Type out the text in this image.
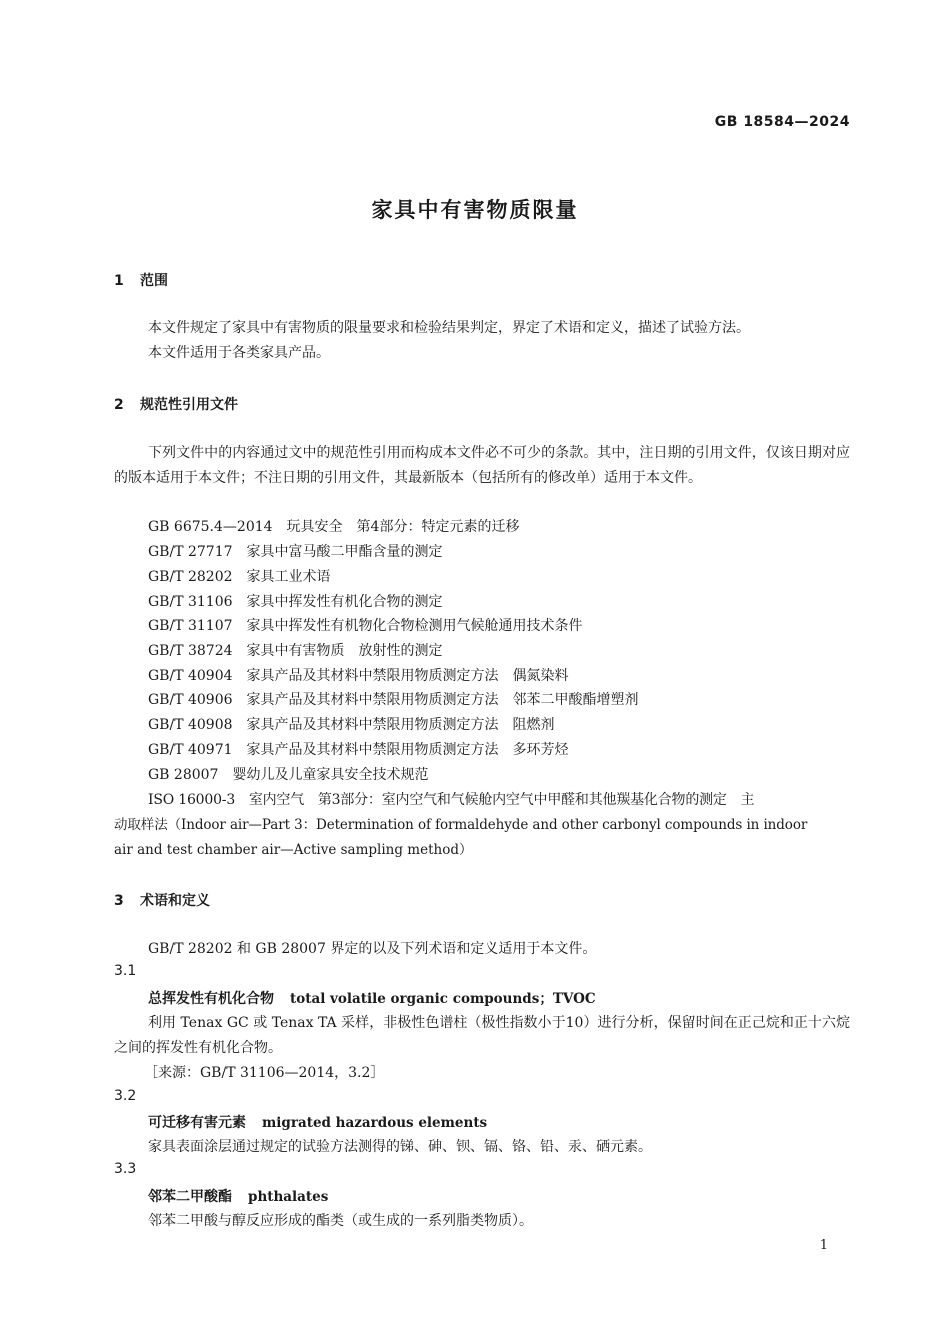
GB 18584—2024
家具中有害物质限量
1 范围
本文件规定了家具中有害物质的限量要求和检验结果判定，界定了术语和定义，描述了试验方法。
本文件适用于各类家具产品。
2 规范性引用文件
下列文件中的内容通过文中的规范性引用而构成本文件必不可少的条款。其中，注日期的引用文件，仅该日期对应的版本适用于本文件；不注日期的引用文件，其最新版本（包括所有的修改单）适用于本文件。
GB 6675.4—2014 玩具安全　第4部分：特定元素的迁移
GB/T 27717 家具中富马酸二甲酯含量的测定
GB/T 28202 家具工业术语
GB/T 31106 家具中挥发性有机化合物的测定
GB/T 31107 家具中挥发性有机物化合物检测用气候舱通用技术条件
GB/T 38724 家具中有害物质　放射性的测定
GB/T 40904 家具产品及其材料中禁限用物质测定方法　偶氮染料
GB/T 40906 家具产品及其材料中禁限用物质测定方法　邻苯二甲酸酯增塑剂
GB/T 40908 家具产品及其材料中禁限用物质测定方法　阻燃剂
GB/T 40971 家具产品及其材料中禁限用物质测定方法　多环芳烃
GB 28007 婴幼儿及儿童家具安全技术规范
ISO 16000-3　室内空气　第3部分：室内空气和气候舱内空气中甲醛和其他羰基化合物的测定　主
动取样法（Indoor air—Part 3：Determination of formaldehyde and other carbonyl compounds in indoor
air and test chamber air—Active sampling method）
3 术语和定义
GB/T 28202 和 GB 28007 界定的以及下列术语和定义适用于本文件。
3.1
总挥发性有机化合物 total volatile organic compounds；TVOC
利用 Tenax GC 或 Tenax TA 采样，非极性色谱柱（极性指数小于10）进行分析，保留时间在正己烷和正十六烷之间的挥发性有机化合物。
［来源：GB/T 31106—2014，3.2］
3.2
可迁移有害元素 migrated hazardous elements
家具表面涂层通过规定的试验方法测得的锑、砷、钡、镉、铬、铅、汞、硒元素。
3.3
邻苯二甲酸酯 phthalates
邻苯二甲酸与醇反应形成的酯类（或生成的一系列脂类物质）。
1
